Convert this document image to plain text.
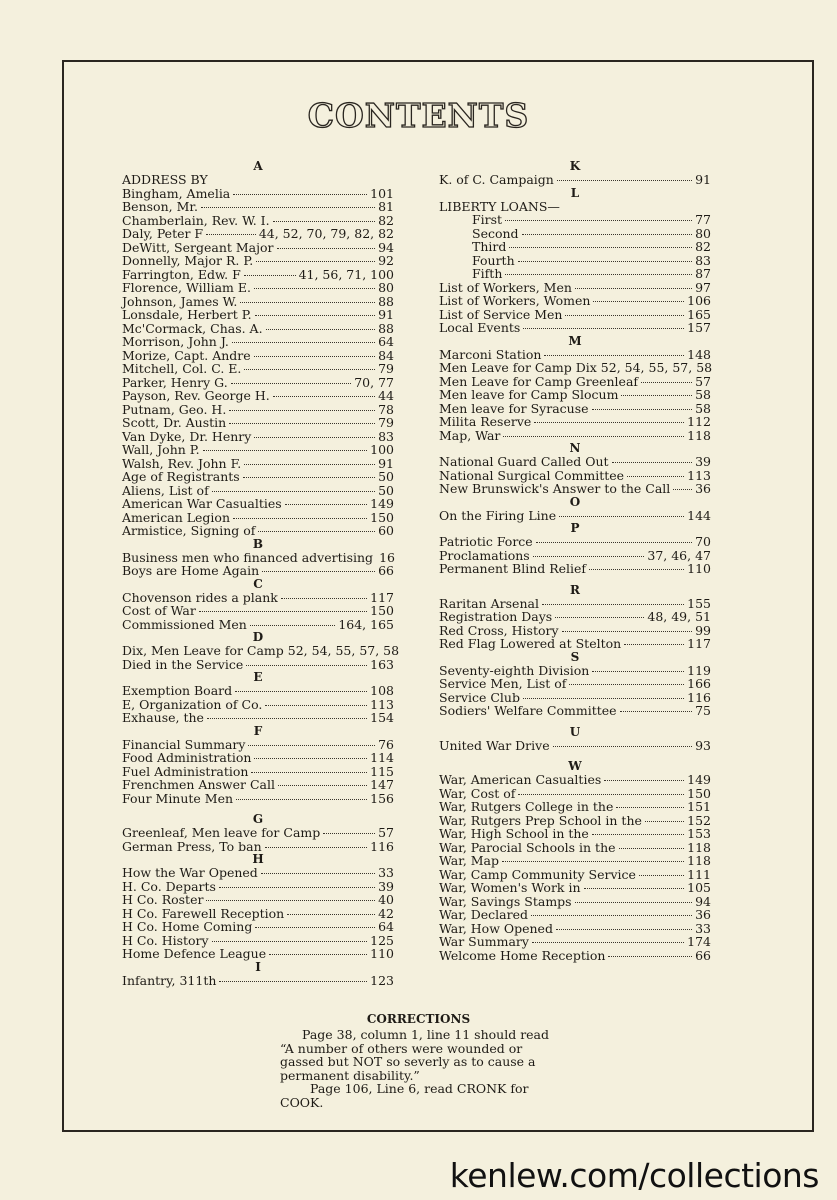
CONTENTS
A
ADDRESS BY
Bingham, Amelia	101
Benson, Mr.	81
Chamberlain, Rev. W. I.	82
Daly, Peter F	44, 52, 70, 79, 82, 82
DeWitt, Sergeant Major	94
Donnelly, Major R. P.	92
Farrington, Edw. F	41, 56, 71, 100
Florence, William E.	80
Johnson, James W.	88
Lonsdale, Herbert P.	91
Mc'Cormack, Chas. A.	88
Morrison, John J.	64
Morize, Capt. Andre	84
Mitchell, Col. C. E.	79
Parker, Henry G.	70, 77
Payson, Rev. George H.	44
Putnam, Geo. H.	78
Scott, Dr. Austin	79
Van Dyke, Dr. Henry	83
Wall, John P.	100
Walsh, Rev. John F.	91
Age of Registrants	50
Aliens, List of	50
American War Casualties	149
American Legion	150
Armistice, Signing of	60
B
Business men who financed advertising 16
Boys are Home Again	66
C
Chovenson rides a plank	117
Cost of War	150
Commissioned Men	164, 165
D
Dix, Men Leave for Camp 52, 54, 55, 57, 58
Died in the Service	163
E
Exemption Board	108
E, Organization of Co.	113
Exhause, the	154
F
Financial Summary	76
Food Administration	114
Fuel Administration	115
Frenchmen Answer Call	147
Four Minute Men	156
G
Greenleaf, Men leave for Camp	57
German Press, To ban	116
H
How the War Opened	33
H. Co. Departs	39
H Co. Roster	40
H Co. Farewell Reception	42
H Co. Home Coming	64
H Co. History	125
Home Defence League	110
I
Infantry, 311th	123
K
K. of C. Campaign	91
L
LIBERTY LOANS—
First	77
Second	80
Third	82
Fourth	83
Fifth	87
List of Workers, Men	97
List of Workers, Women	106
List of Service Men	165
Local Events	157
M
Marconi Station	148
Men Leave for Camp Dix 52, 54, 55, 57, 58
Men Leave for Camp Greenleaf	57
Men leave for Camp Slocum	58
Men leave for Syracuse	58
Milita Reserve	112
Map, War	118
N
National Guard Called Out	39
National Surgical Committee	113
New Brunswick's Answer to the Call 36
O
On the Firing Line	144
P
Patriotic Force	70
Proclamations	37, 46, 47
Permanent Blind Relief	110
R
Raritan Arsenal	155
Registration Days	48, 49, 51
Red Cross, History	99
Red Flag Lowered at Stelton	117
S
Seventy-eighth Division	119
Service Men, List of	166
Service Club	116
Sodiers' Welfare Committee	75
U
United War Drive	93
W
War, American Casualties	149
War, Cost of	150
War, Rutgers College in the	151
War, Rutgers Prep School in the	152
War, High School in the	153
War, Parocial Schools in the	118
War, Map	118
War, Camp Community Service	111
War, Women's Work in	105
War, Savings Stamps	94
War, Declared	36
War, How Opened	33
War Summary	174
Welcome Home Reception	66
CORRECTIONS
Page 38, column 1, line 11 should read
“A number of others were wounded or
gassed but NOT so severly as to cause a
permanent disability.”
Page 106, Line 6, read CRONK for
COOK.
kenlew.com/collections
